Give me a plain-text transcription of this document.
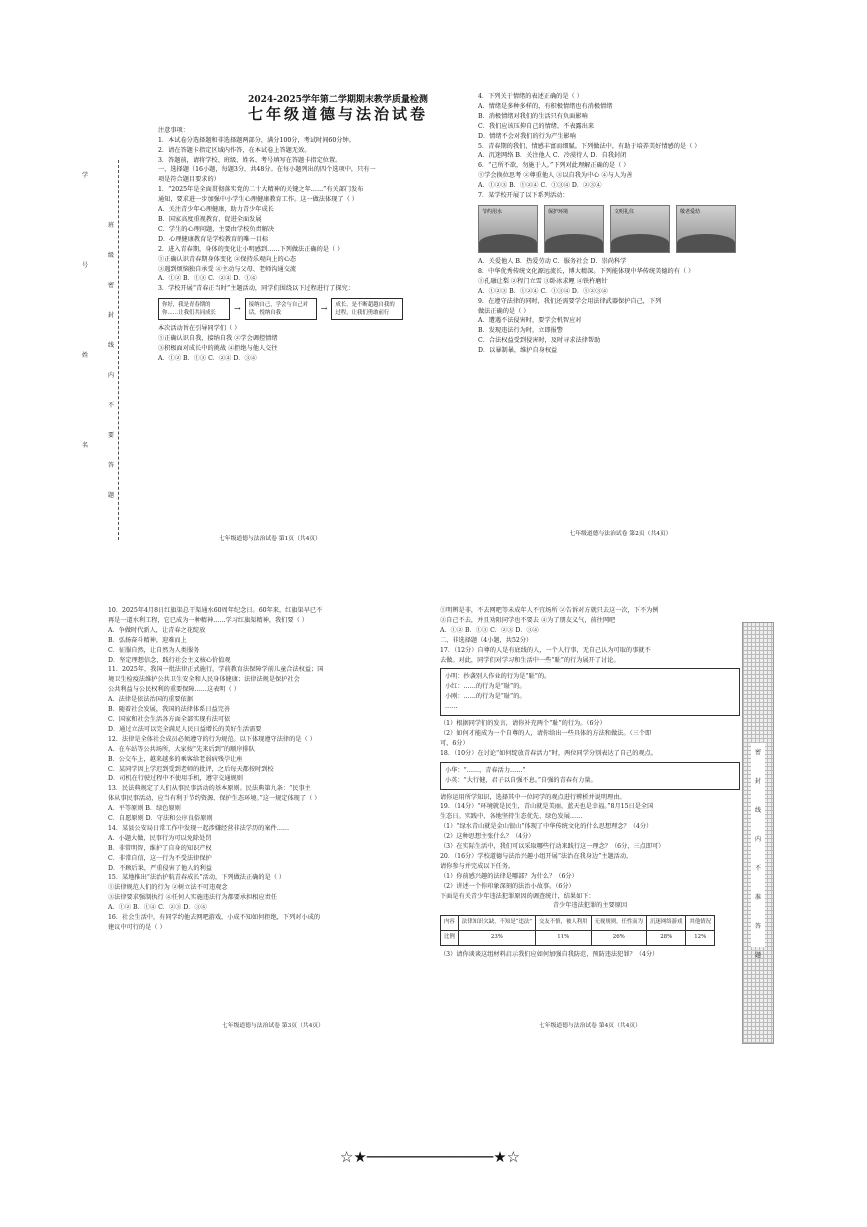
学
号
姓
名
班
级
密
封
线
内
不
要
答
题
2024-2025学年第二学期期末教学质量检测
七年级道德与法治试卷
注意事项：
1．本试卷分选择题和非选择题两部分，满分100分，考试时间60分钟。
2．请在答题卡指定区域内作答，在本试卷上答题无效。
3．答题前，请将学校、班级、姓名、考号填写在答题卡指定位置。
一、选择题（16小题，每题3分，共48分。在每小题列出的四个选项中，只有一
项是符合题目要求的）
1．“2025年是全面贯彻落实党的二十大精神的关键之年……”有关部门发布
通知，要求进一步加强中小学生心理健康教育工作。这一做法体现了（ ）
A．关注青少年心理健康，助力青少年成长
B．国家高度重视教育，促进全面发展
C．学生的心理问题，主要由学校负责解决
D．心理健康教育是学校教育的唯一目标
2．进入青春期，身体的变化让小明感到……下列做法正确的是（ ）
①正确认识青春期身体变化 ②保持乐观向上的心态
③遇到烦恼独自承受 ④主动与父母、老师沟通交流
A．①② B．①③ C．②④ D．①④
3．学校开展“青春正当时”主题活动，同学们围绕以下过程进行了探究：
你好，我是青春期的你……让我们共同成长	→	接纳自己，学会与自己对话，悦纳自我	→	成长，是不断超越自我的过程，让我们勇敢前行
本次活动旨在引导同学们（ ）
①正确认识自我，接纳自我 ②学会调控情绪
③积极面对成长中的挑战 ④拒绝与他人交往
A．①② B．①③ C．②④ D．③④
七年级道德与法治试卷 第1页（共4页）
4．下列关于情绪的表述正确的是（ ）
A．情绪是多种多样的，有积极情绪也有消极情绪
B．消极情绪对我们的生活只有负面影响
C．我们应该压抑自己的情绪，不表露出来
D．情绪不会对我们的行为产生影响
5．青春期的我们，情感丰富而细腻。下列做法中，有助于培养美好情感的是（ ）
A．沉迷网络 B．关注他人 C．冷漠待人 D．自我封闭
6．“己所不欲，勿施于人。”下列对此理解正确的是（ ）
①学会换位思考 ②尊重他人 ③以自我为中心 ④与人为善
A．①②③ B．①②④ C．①③④ D．②③④
7．某学校开展了以下系列活动：
节约用水	保护环境	文明礼仪	敬老爱幼
A．关爱他人 B．热爱劳动 C．服务社会 D．崇尚科学
8．中华优秀传统文化源远流长，博大精深。下列能体现中华传统美德的有（ ）
①孔融让梨 ②程门立雪 ③卧冰求鲤 ④铁杵磨针
A．①②③ B．①②④ C．①③④ D．①②③④
9．在遵守法律的同时，我们还需要学会用法律武器保护自己，下列
做法正确的是（ ）
A．遭遇不法侵害时，要学会机智应对
B．发现违法行为时，立即报警
C．合法权益受到侵害时，及时寻求法律帮助
D．以暴制暴，维护自身权益
七年级道德与法治试卷 第2页（共4页）
10．2025年4月8日红旗渠总干渠通水60周年纪念日。60年来，红旗渠早已不
再是一道水利工程，它已成为一种精神……学习红旗渠精神，我们要（ ）
A．争做时代新人，让青春之花绽放
B．弘扬奋斗精神，迎难而上
C．征服自然，让自然为人类服务
D．坚定理想信念，践行社会主义核心价值观
11．2025年，我国一批法律正式施行，学前教育法保障学前儿童合法权益；国
境卫生检疫法维护公共卫生安全和人民身体健康；法律法规是保护社会
公共利益与公民权利的重要保障……这表明（ ）
A．法律是依法治国的重要依据
B．随着社会发展，我国的法律体系日益完善
C．国家和社会生活各方面全部实现有法可依
D．通过立法可以完全满足人民日益增长的美好生活需要
12．法律是全体社会成员必须遵守的行为规范。以下体现遵守法律的是（ ）
A．在车站等公共场所，大家按“先来后到”的顺序排队
B．公交车上，越来越多的乘客给老弱病残孕让座
C．某同学因上学迟到受到老师的批评，之后每天都按时到校
D．司机在行驶过程中不使用手机，遵守交通规则
13．民法典规定了人们从事民事活动的基本原则。民法典第九条：“民事主
体从事民事活动，应当有利于节约资源、保护生态环境。”这一规定体现了（ ）
A．平等原则 B．绿色原则
C．自愿原则 D．守法和公序良俗原则
14．某县公安局日常工作中发现一起涉嫌经营非法学历的案件……
A．小题大做，民事行为可以免除处罚
B．非常明智，维护了自身的知识产权
C．非常自信，这一行为不受法律保护
D．不顾后果，严重侵害了他人的利益
15．某地推出“法治护航青春成长”活动，下列做法正确的是（ ）
①法律规范人们的行为 ②树立法不可违观念
③法律要求强制执行 ④任何人实施违法行为都要承担相应责任
A．①② B．①④ C．②③ D．③④
16．社会生活中，有同学约他去网吧游戏，小成不知如何拒绝，下列对小成的
建议中可行的是（ ）
七年级道德与法治试卷 第3页（共4页）
①明辨是非，不去网吧等未成年人不宜场所 ②告诉对方就只去这一次，下不为例
③自己不去，并且劝阻同学也不要去 ④为了朋友义气，前往网吧
A．①② B．①③ C．②③ D．③④
二、非选择题（4小题，共52分）
17．（12分）自尊的人是有底线的人，一个人行事，无自己认为可取的事就不
去做。对此，同学们对学习和生活中一些“耻”的行为展开了讨论。
小明：抄袭别人作业的行为是“耻”的。
小红：……的行为是“耻”的。
小刚：……的行为是“耻”的。
……
（1）根据同学们的发言，请你补充两个“耻”的行为。（6分）
（2）如何才能成为一个自尊的人，请你给出一些具体的方法和做法。（三个即
可，6分）
18．（10分）在讨论“如何绽放青春活力”时，两位同学分别表达了自己的观点。
小华：“……，青春活力……”
小英：“大行健，君子以自强不息。”自强的青春有力量。
请你运用所学知识，选择其中一位同学的观点进行辨析并说明理由。
19．（14分）“环境就是民生，青山就是美丽，蓝天也是幸福。”8月15日是全国
生态日。实践中，各地坚持生态优先、绿色发展……
（1）“绿水青山就是金山银山”体现了中华传统文化的什么思想理念？（4分）
（2）这种思想主张什么？（4分）
（3）在实际生活中，我们可以采取哪些行动来践行这一理念？（6分，三点即可）
20．（16分）学校道德与法治兴趣小组开展“法治在我身边”主题活动，
请你参与并完成以下任务。
（1）你前感兴趣的法律是哪部？为什么？（6分）
（2）讲述一个你印象深刻的法治小故事。（6分）
下面是有关青少年违法犯罪原因的调查统计，结果如下：
青少年违法犯罪的主要原因
内容	法律知识欠缺，不知是“违法”	交友不慎，被人利用	无视规则，任性而为	沉迷网络游戏	其他情况
比例	23%	11%	26%	28%	12%
（3）请你谈谈这组材料启示我们应如何加强自我防范，预防违法犯罪？（4分）
七年级道德与法治试卷 第4页（共4页）
密
封
线
内
不
准
答
题
☆★──────────────★☆
